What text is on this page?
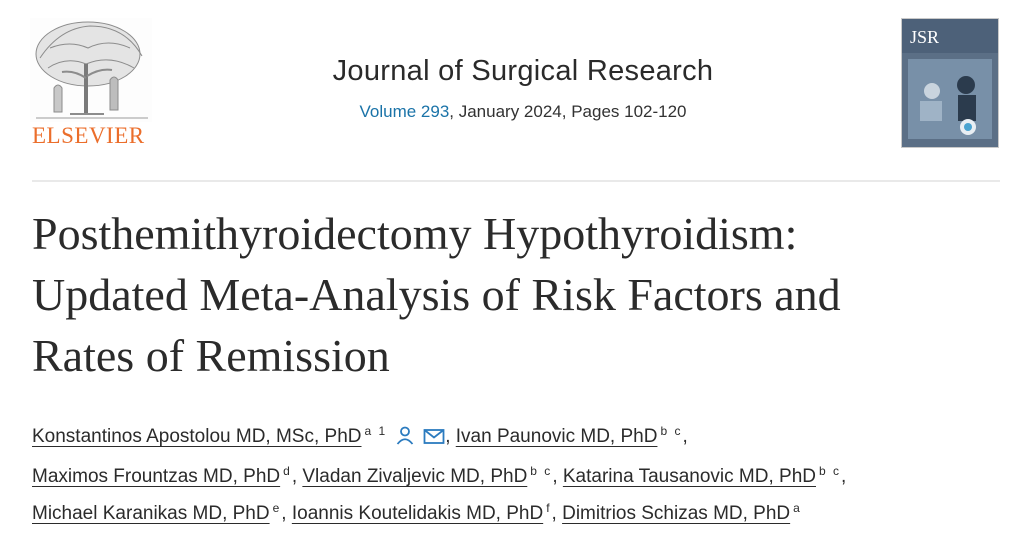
ELSEVIER
Journal of Surgical Research
Volume 293, January 2024, Pages 102-120
JSR
Posthemithyroidectomy Hypothyroidism:
Updated Meta-Analysis of Risk Factors and
Rates of Remission
Konstantinos Apostolou MD, MSc, PhD $^{a 1}$	, Ivan Paunovic MD, PhD $^{b c}$,
Maximos Frountzas MD, PhD $^d$, Vladan Zivaljevic MD, PhD $^{b c}$, Katarina Tausanovic MD, PhD $^{b c}$,
Michael Karanikas MD, PhD $^e$, Ioannis Koutelidakis MD, PhD $^f$, Dimitrios Schizas MD, PhD $^a$
